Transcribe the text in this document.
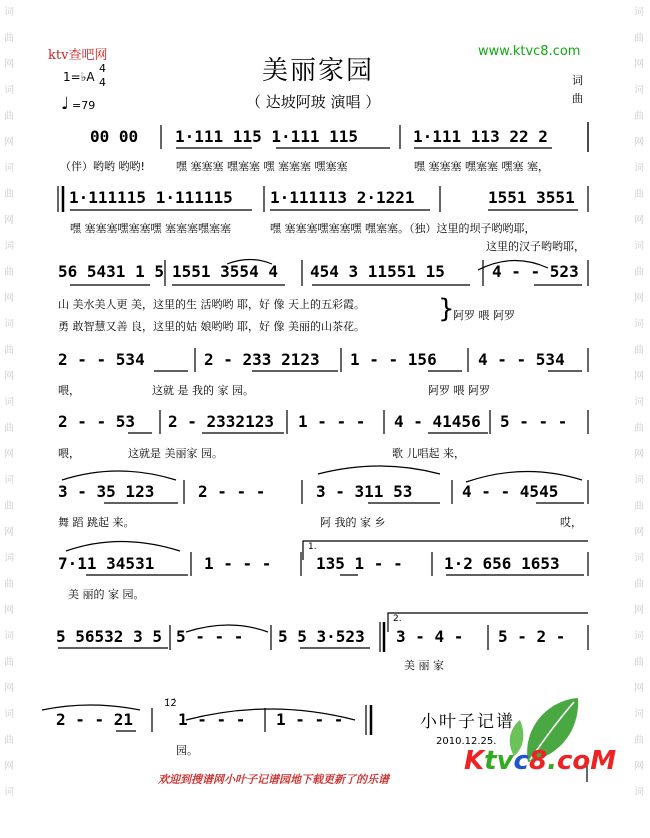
词
曲
网
词
曲
网
词
曲
网
词
曲
网
词
曲
网
词
曲
网
词
曲
网
词
曲
网
词
曲
网
词
曲
网
词
词
曲
网
词
曲
网
词
曲
网
词
曲
网
词
曲
网
词
曲
网
词
曲
网
词
曲
网
词
曲
网
词
曲
网
词
ktv查吧网	www.ktvc8.com
美丽家园
（ 达坡阿玻 演唱 ）
1=♭A
4
4
♩ =79
词
曲
00 00 1·111 115 1·111 115	1·111 113 22 2
（伴）哟哟 哟哟!	嘿 塞塞塞 嘿塞塞 嘿 塞塞塞 嘿塞塞	嘿 塞塞塞 嘿塞塞 嘿塞 塞，
1·111115 1·111115 1·111113 2·1221	1551 3551
嘿 塞塞塞嘿塞塞嘿 塞塞塞嘿塞塞	嘿 塞塞塞嘿塞塞嘿 嘿塞塞。（独）这里的坝子哟哟耶，
这里的汉子哟哟耶，
56 5431 1 5 1551 3554 4 454 3 11551 15	4 - - 523
山 美水美人更 美，这里的生 活哟哟 耶，好 像 天上的五彩霞。
勇 敢智慧又善 良，这里的姑 娘哟哟 耶，好 像 美丽的山茶花。
阿罗 喂 阿罗
}
2 - - 534	2 - 233 2123 1 - - 156	4 - - 534
喂，	这就 是 我的 家 园。	阿罗 喂 阿罗
2 - - 53 2 - 2332123 1 - - - 4 - 41456 5 - - -
喂，	这就是 美丽家 园。	歌 儿唱起 来，
3 - 35 123	2 - - -	3 - 311 53	4 - - 4545
舞 蹈 跳起 来。	阿 我的 家 乡	哎，
7·11 34531	1 - - -	135 1 - -	1·2 656 1653
1.
美 丽的 家 园。
5 56532 3 5 5 - - - 5 5 3·523 3 - 4 - 5 - 2 -
2.
美 丽 家
2 - - 21	1 - - - 1 - - -
1̇2̇
园。
小叶子记谱
2010.12.25.
Ktvc8.coM
欢迎到搜谱网小叶子记谱园地下载更新了的乐谱
